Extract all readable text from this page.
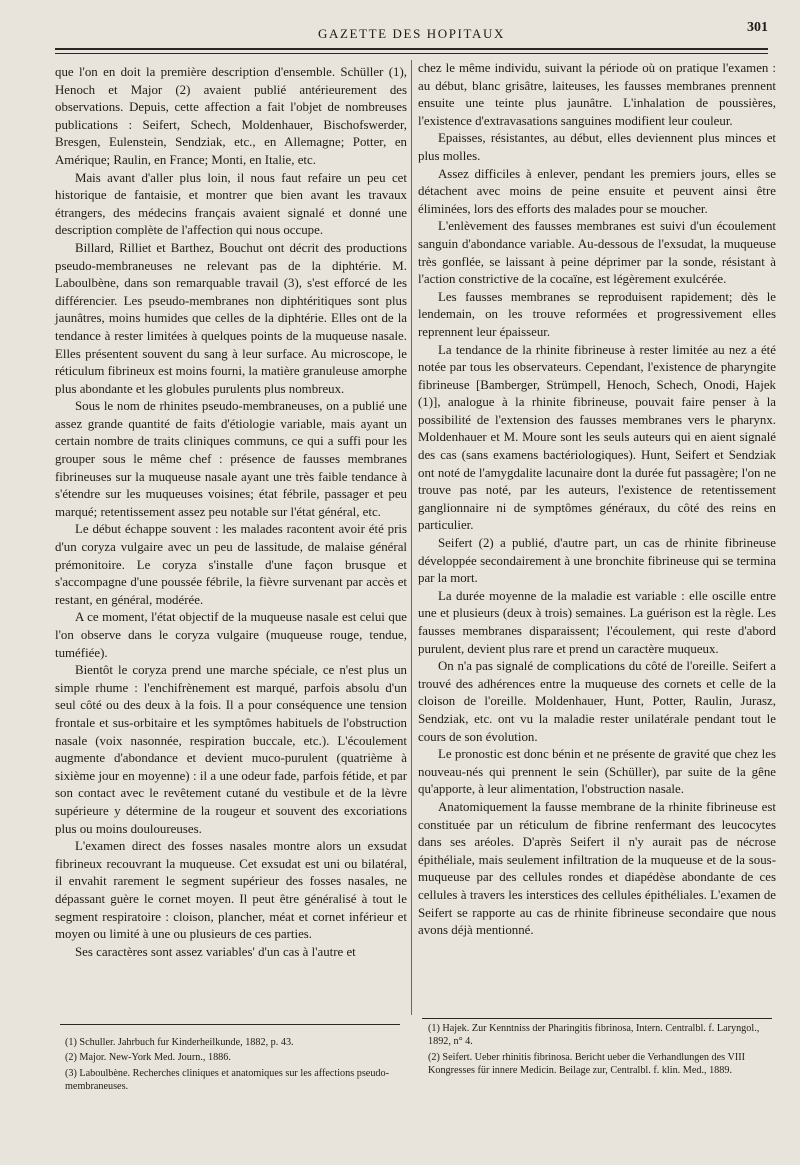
GAZETTE DES HOPITAUX	301

que l'on en doit la première description d'ensemble. Schüller (1), Henoch et Major (2) avaient publié antérieurement des observations. Depuis, cette affection a fait l'objet de nombreuses publications : Seifert, Schech, Moldenhauer, Bischofswerder, Bresgen, Eulenstein, Sendziak, etc., en Allemagne; Potter, en Amérique; Raulin, en France; Monti, en Italie, etc.

Mais avant d'aller plus loin, il nous faut refaire un peu cet historique de fantaisie, et montrer que bien avant les travaux étrangers, des médecins français avaient signalé et donné une description complète de l'affection qui nous occupe.

Billard, Rilliet et Barthez, Bouchut ont décrit des productions pseudo-membraneuses ne relevant pas de la diphtérie. M. Laboulbène, dans son remarquable travail (3), s'est efforcé de les différencier. Les pseudo-membranes non diphtéritiques sont plus jaunâtres, moins humides que celles de la diphtérie. Elles ont de la tendance à rester limitées à quelques points de la muqueuse nasale. Elles présentent souvent du sang à leur surface. Au microscope, le réticulum fibrineux est moins fourni, la matière granuleuse amorphe plus abondante et les globules purulents plus nombreux.

Sous le nom de rhinites pseudo-membraneuses, on a publié une assez grande quantité de faits d'étiologie variable, mais ayant un certain nombre de traits cliniques communs, ce qui a suffi pour les grouper sous le même chef : présence de fausses membranes fibrineuses sur la muqueuse nasale ayant une très faible tendance à s'étendre sur les muqueuses voisines; état fébrile, passager et peu marqué; retentissement assez peu notable sur l'état général, etc.

Le début échappe souvent : les malades racontent avoir été pris d'un coryza vulgaire avec un peu de lassitude, de malaise général prémonitoire. Le coryza s'installe d'une façon brusque et s'accompagne d'une poussée fébrile, la fièvre survenant par accès et restant, en général, modérée.

A ce moment, l'état objectif de la muqueuse nasale est celui que l'on observe dans le coryza vulgaire (muqueuse rouge, tendue, tuméfiée).

Bientôt le coryza prend une marche spéciale, ce n'est plus un simple rhume : l'enchifrènement est marqué, parfois absolu d'un seul côté ou des deux à la fois. Il a pour conséquence une tension frontale et sus-orbitaire et les symptômes habituels de l'obstruction nasale (voix nasonnée, respiration buccale, etc.). L'écoulement augmente d'abondance et devient muco-purulent (quatrième à sixième jour en moyenne) : il a une odeur fade, parfois fétide, et par son contact avec le revêtement cutané du vestibule et de la lèvre supérieure y détermine de la rougeur et souvent des excoriations plus ou moins douloureuses.

L'examen direct des fosses nasales montre alors un exsudat fibrineux recouvrant la muqueuse. Cet exsudat est uni ou bilatéral, il envahit rarement le segment supérieur des fosses nasales, ne dépassant guère le cornet moyen. Il peut être généralisé à tout le segment respiratoire : cloison, plancher, méat et cornet inférieur et moyen ou limité à une ou plusieurs de ces parties.

Ses caractères sont assez variables' d'un cas à l'autre et

chez le même individu, suivant la période où on pratique l'examen : au début, blanc grisâtre, laiteuses, les fausses membranes prennent ensuite une teinte plus jaunâtre. L'inhalation de poussières, l'existence d'extravasations sanguines modifient leur couleur.

Epaisses, résistantes, au début, elles deviennent plus minces et plus molles.

Assez difficiles à enlever, pendant les premiers jours, elles se détachent avec moins de peine ensuite et peuvent ainsi être éliminées, lors des efforts des malades pour se moucher.

L'enlèvement des fausses membranes est suivi d'un écoulement sanguin d'abondance variable. Au-dessous de l'exsudat, la muqueuse très gonflée, se laissant à peine déprimer par la sonde, résistant à l'action constrictive de la cocaïne, est légèrement exulcérée.

Les fausses membranes se reproduisent rapidement; dès le lendemain, on les trouve reformées et progressivement elles reprennent leur épaisseur.

La tendance de la rhinite fibrineuse à rester limitée au nez a été notée par tous les observateurs. Cependant, l'existence de pharyngite fibrineuse [Bamberger, Strümpell, Henoch, Schech, Onodi, Hajek (1)], analogue à la rhinite fibrineuse, pouvait faire penser à la possibilité de l'extension des fausses membranes vers le pharynx. Moldenhauer et M. Moure sont les seuls auteurs qui en aient signalé des cas (sans examens bactériologiques). Hunt, Seifert et Sendziak ont noté de l'amygdalite lacunaire dont la durée fut passagère; l'on ne trouve pas noté, par les auteurs, l'existence de retentissement ganglionnaire ni de symptômes généraux, du côté des reins en particulier.

Seifert (2) a publié, d'autre part, un cas de rhinite fibrineuse développée secondairement à une bronchite fibrineuse qui se termina par la mort.

La durée moyenne de la maladie est variable : elle oscille entre une et plusieurs (deux à trois) semaines. La guérison est la règle. Les fausses membranes disparaissent; l'écoulement, qui reste d'abord purulent, devient plus rare et prend un caractère muqueux.

On n'a pas signalé de complications du côté de l'oreille. Seifert a trouvé des adhérences entre la muqueuse des cornets et celle de la cloison de l'oreille. Moldenhauer, Hunt, Potter, Raulin, Jurasz, Sendziak, etc. ont vu la maladie rester unilatérale pendant tout le cours de son évolution.

Le pronostic est donc bénin et ne présente de gravité que chez les nouveau-nés qui prennent le sein (Schüller), par suite de la gêne qu'apporte, à leur alimentation, l'obstruction nasale.

Anatomiquement la fausse membrane de la rhinite fibrineuse est constituée par un réticulum de fibrine renfermant des leucocytes dans ses aréoles. D'après Seifert il n'y aurait pas de nécrose épithéliale, mais seulement infiltration de la muqueuse et de la sous-muqueuse par des cellules rondes et diapédèse abondante de ces cellules à travers les interstices des cellules épithéliales. L'examen de Seifert se rapporte au cas de rhinite fibrineuse secondaire que nous avons déjà mentionné.

(1) Schuller. Jahrbuch fur Kinderheilkunde, 1882, p. 43.

(2) Major. New-York Med. Journ., 1886.

(3) Laboulbène. Recherches cliniques et anatomiques sur les affections pseudo-membraneuses.

(1) Hajek. Zur Kenntniss der Pharingitis fibrinosa, Intern. Centralbl. f. Laryngol., 1892, n° 4.

(2) Seifert. Ueber rhinitis fibrinosa. Bericht ueber die Verhandlungen des VIII Kongresses für innere Medicin. Beilage zur, Centralbl. f. klin. Med., 1889.
